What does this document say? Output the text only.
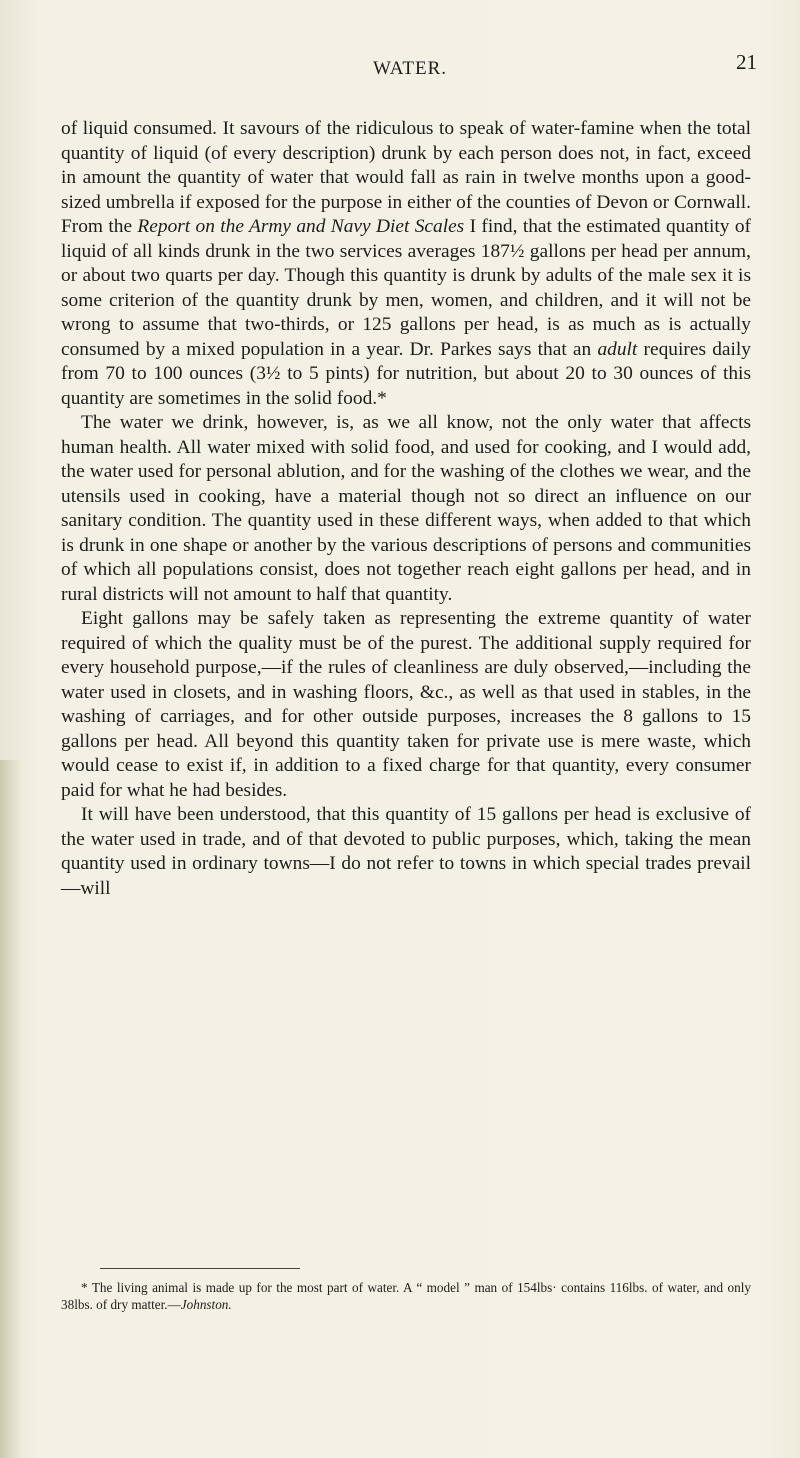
WATER.	21

of liquid consumed. It savours of the ridiculous to speak of water-famine when the total quantity of liquid (of every description) drunk by each person does not, in fact, exceed in amount the quantity of water that would fall as rain in twelve months upon a good-sized umbrella if exposed for the purpose in either of the counties of Devon or Cornwall. From the Report on the Army and Navy Diet Scales I find, that the estimated quantity of liquid of all kinds drunk in the two services averages 187½ gallons per head per annum, or about two quarts per day. Though this quantity is drunk by adults of the male sex it is some criterion of the quantity drunk by men, women, and children, and it will not be wrong to assume that two-thirds, or 125 gallons per head, is as much as is actually consumed by a mixed population in a year. Dr. Parkes says that an adult requires daily from 70 to 100 ounces (3½ to 5 pints) for nutrition, but about 20 to 30 ounces of this quantity are sometimes in the solid food.*

The water we drink, however, is, as we all know, not the only water that affects human health. All water mixed with solid food, and used for cooking, and I would add, the water used for personal ablution, and for the washing of the clothes we wear, and the utensils used in cooking, have a material though not so direct an influence on our sanitary condition. The quantity used in these different ways, when added to that which is drunk in one shape or another by the various descriptions of persons and communities of which all populations consist, does not together reach eight gallons per head, and in rural districts will not amount to half that quantity.

Eight gallons may be safely taken as representing the extreme quantity of water required of which the quality must be of the purest. The additional supply required for every household purpose,—if the rules of cleanliness are duly observed,—including the water used in closets, and in washing floors, &c., as well as that used in stables, in the washing of carriages, and for other outside purposes, increases the 8 gallons to 15 gallons per head. All beyond this quantity taken for private use is mere waste, which would cease to exist if, in addition to a fixed charge for that quantity, every consumer paid for what he had besides.

It will have been understood, that this quantity of 15 gallons per head is exclusive of the water used in trade, and of that devoted to public purposes, which, taking the mean quantity used in ordinary towns—I do not refer to towns in which special trades prevail—will

* The living animal is made up for the most part of water. A “ model ” man of 154lbs· contains 116lbs. of water, and only 38lbs. of dry matter.—Johnston.
